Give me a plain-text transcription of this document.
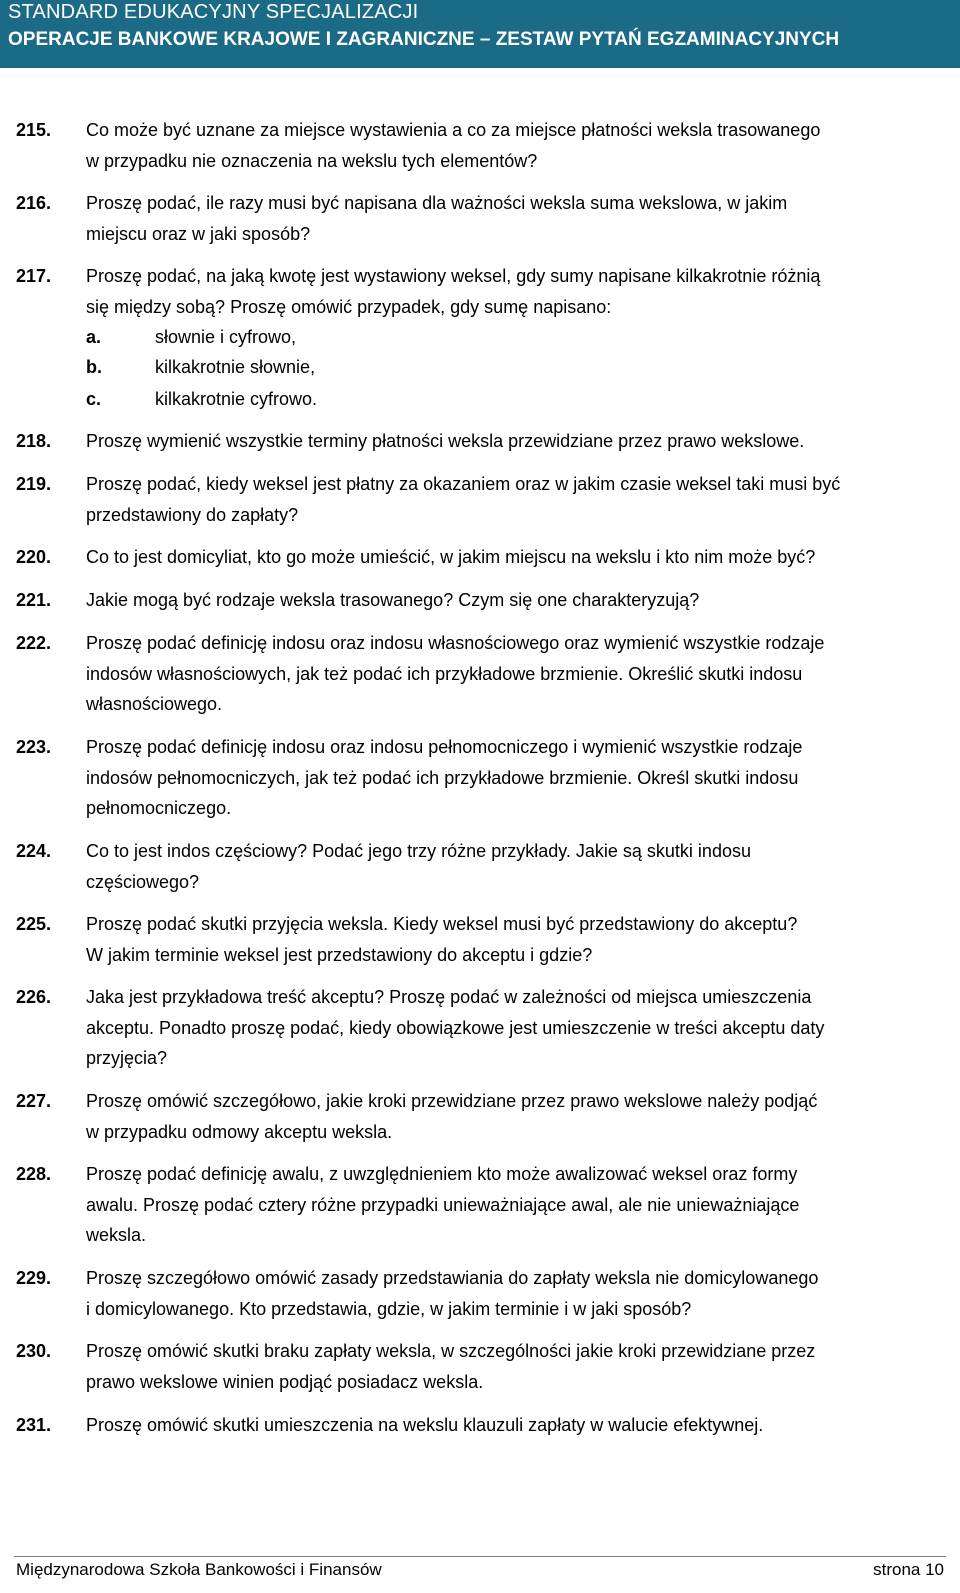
STANDARD EDUKACYJNY SPECJALIZACJI
OPERACJE BANKOWE KRAJOWE I ZAGRANICZNE – ZESTAW PYTAŃ EGZAMINACYJNYCH
215. Co może być uznane za miejsce wystawienia a co za miejsce płatności weksla trasowanego
w przypadku nie oznaczenia na wekslu tych elementów?
216. Proszę podać, ile razy musi być napisana dla ważności weksla suma wekslowa, w jakim
miejscu oraz w jaki sposób?
217. Proszę podać, na jaką kwotę jest wystawiony weksel, gdy sumy napisane kilkakrotnie różnią
się między sobą? Proszę omówić przypadek, gdy sumę napisano:
a.	słownie i cyfrowo,
b.	kilkakrotnie słownie,
c.	kilkakrotnie cyfrowo.
218. Proszę wymienić wszystkie terminy płatności weksla przewidziane przez prawo wekslowe.
219. Proszę podać, kiedy weksel jest płatny za okazaniem oraz w jakim czasie weksel taki musi być
przedstawiony do zapłaty?
220. Co to jest domicyliat, kto go może umieścić, w jakim miejscu na wekslu i kto nim może być?
221. Jakie mogą być rodzaje weksla trasowanego? Czym się one charakteryzują?
222. Proszę podać definicję indosu oraz indosu własnościowego oraz wymienić wszystkie rodzaje
indosów własnościowych, jak też podać ich przykładowe brzmienie. Określić skutki indosu
własnościowego.
223. Proszę podać definicję indosu oraz indosu pełnomocniczego i wymienić wszystkie rodzaje
indosów pełnomocniczych, jak też podać ich przykładowe brzmienie. Określ skutki indosu
pełnomocniczego.
224. Co to jest indos częściowy? Podać jego trzy różne przykłady. Jakie są skutki indosu
częściowego?
225. Proszę podać skutki przyjęcia weksla. Kiedy weksel musi być przedstawiony do akceptu?
W jakim terminie weksel jest przedstawiony do akceptu i gdzie?
226. Jaka jest przykładowa treść akceptu? Proszę podać w zależności od miejsca umieszczenia
akceptu. Ponadto proszę podać, kiedy obowiązkowe jest umieszczenie w treści akceptu daty
przyjęcia?
227. Proszę omówić szczegółowo, jakie kroki przewidziane przez prawo wekslowe należy podjąć
w przypadku odmowy akceptu weksla.
228. Proszę podać definicję awalu, z uwzględnieniem kto może awalizować weksel oraz formy
awalu. Proszę podać cztery różne przypadki unieważniające awal, ale nie unieważniające
weksla.
229. Proszę szczegółowo omówić zasady przedstawiania do zapłaty weksla nie domicylowanego
i domicylowanego. Kto przedstawia, gdzie, w jakim terminie i w jaki sposób?
230. Proszę omówić skutki braku zapłaty weksla, w szczególności jakie kroki przewidziane przez
prawo wekslowe winien podjąć posiadacz weksla.
231. Proszę omówić skutki umieszczenia na wekslu klauzuli zapłaty w walucie efektywnej.
Międzynarodowa Szkoła Bankowości i Finansów	strona 10
